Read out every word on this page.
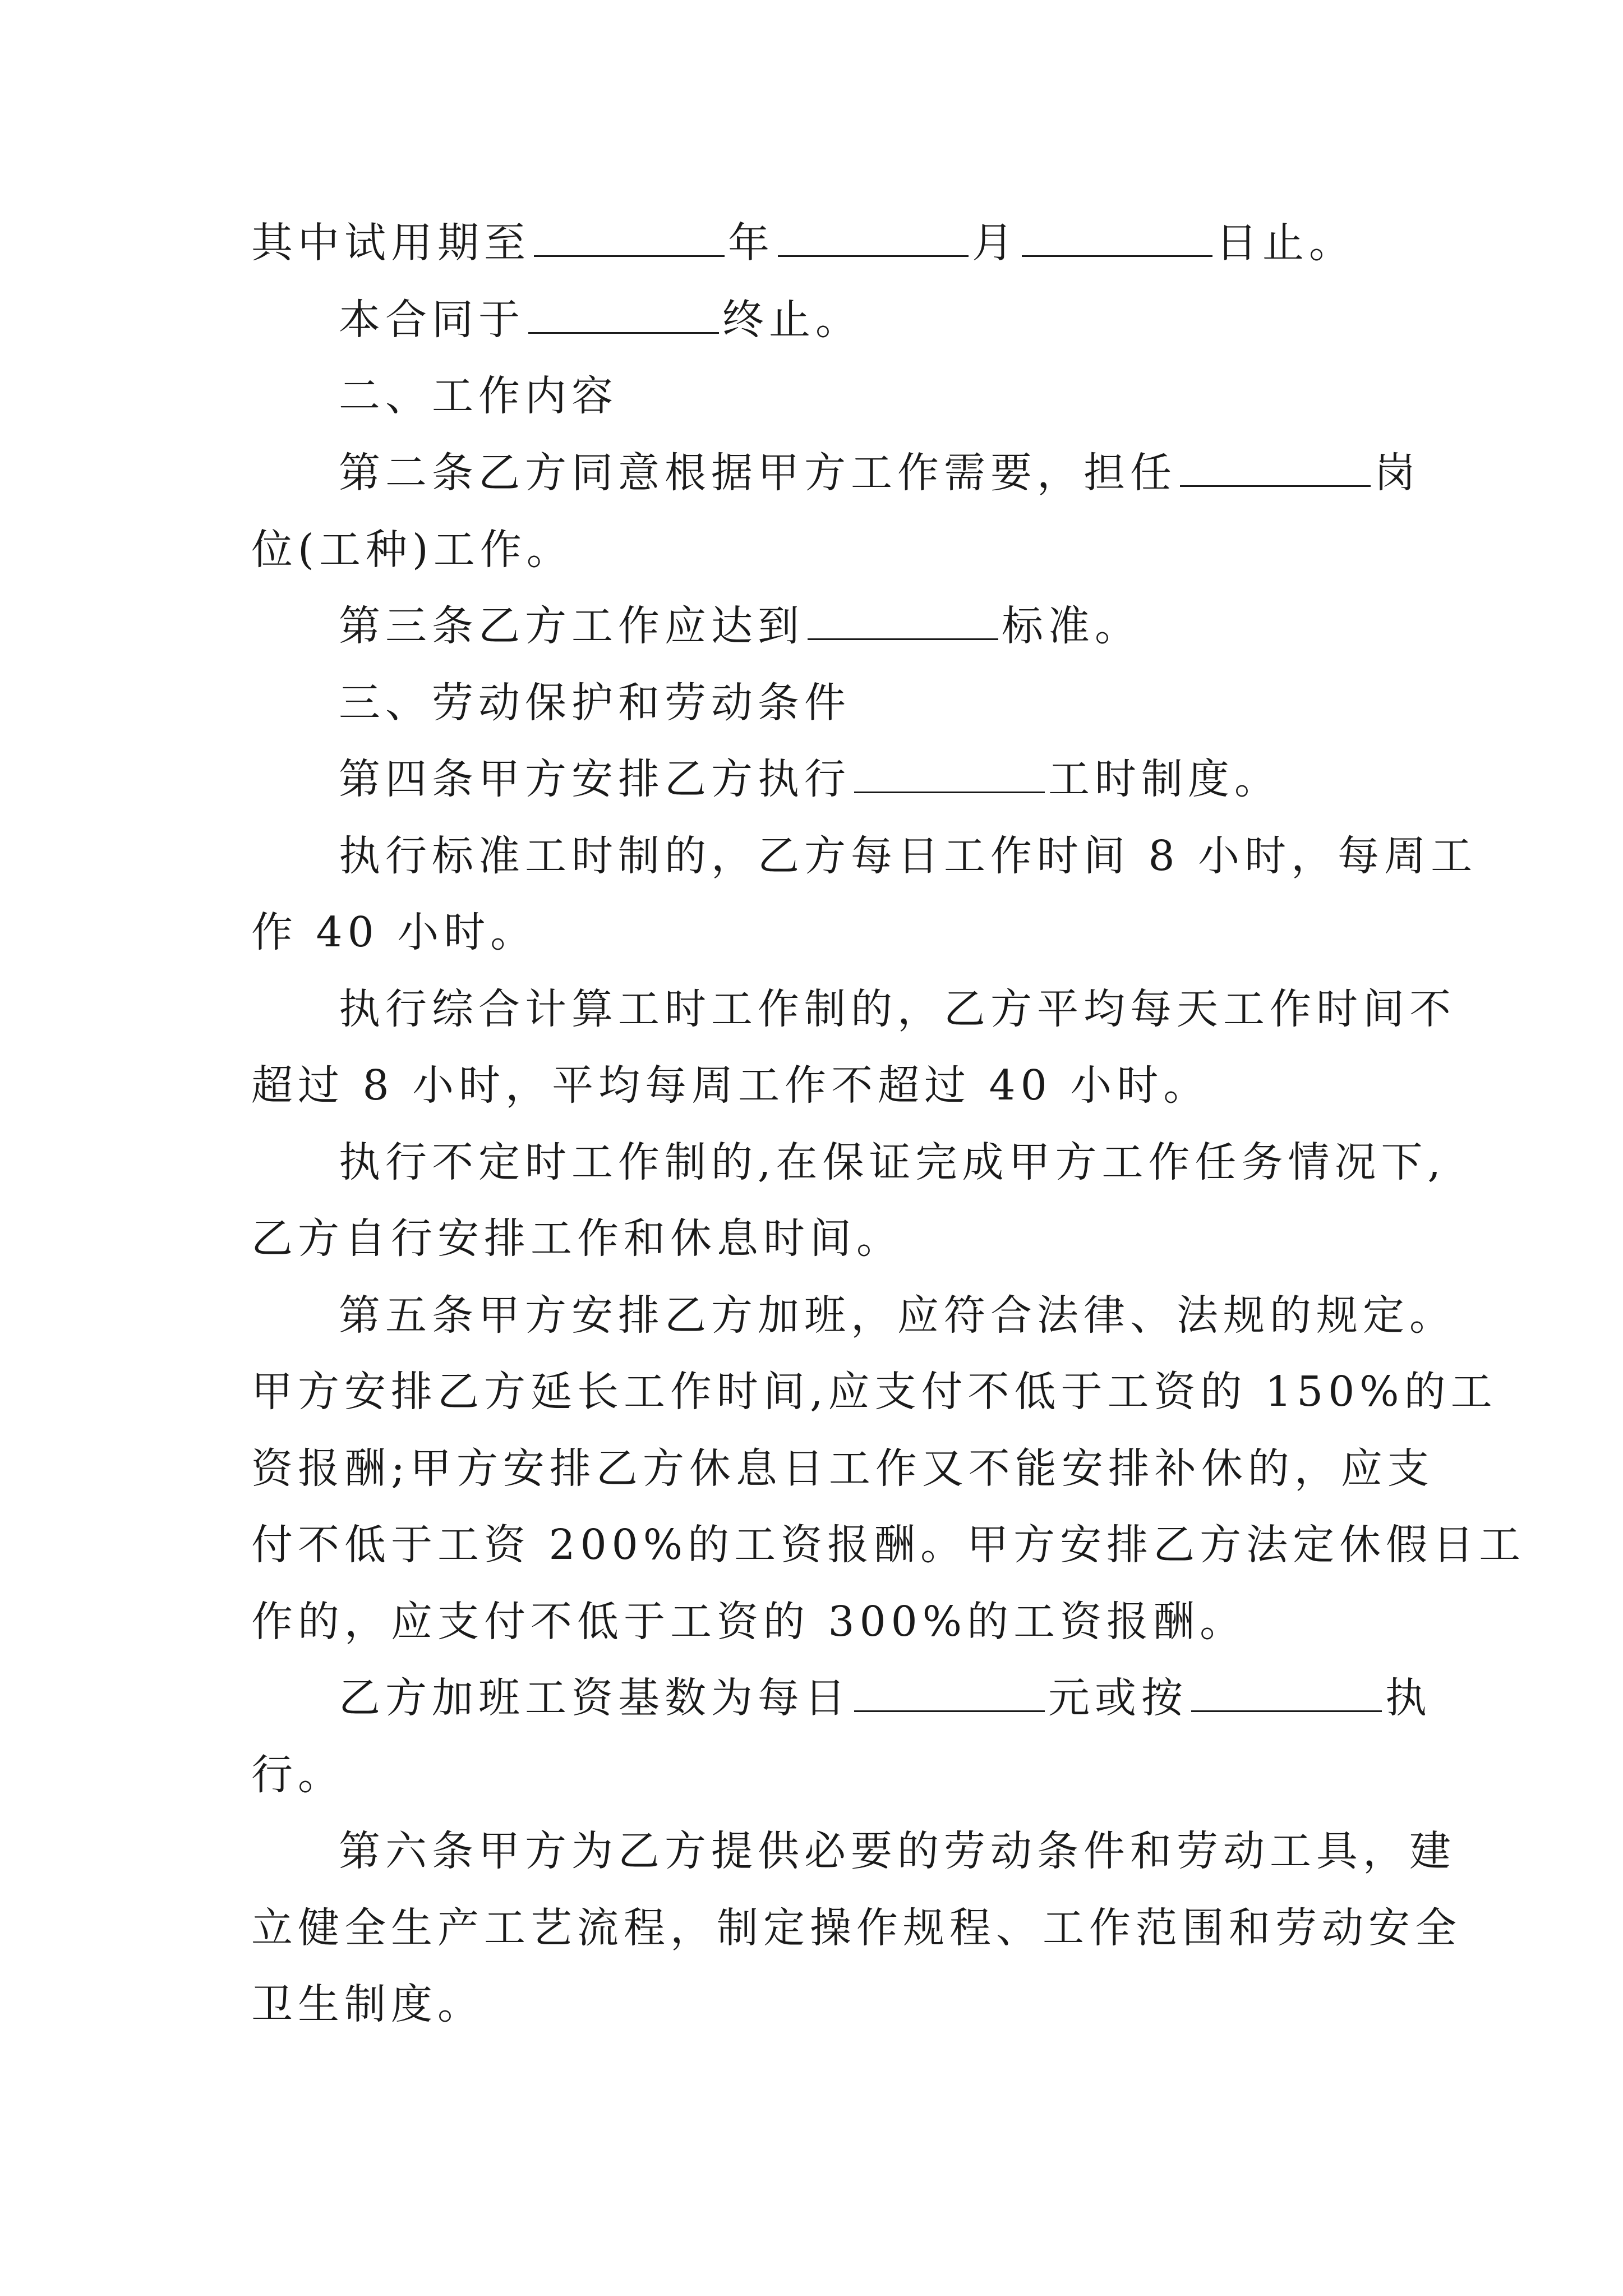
其中试用期至	年	月	日止。
本合同于	终止。
二、工作内容
第二条乙方同意根据甲方工作需要，担任	岗
位(工种)工作。
第三条乙方工作应达到	标准。
三、劳动保护和劳动条件
第四条甲方安排乙方执行	工时制度。
执行标准工时制的，乙方每日工作时间 8 小时，每周工
作 40 小时。
执行综合计算工时工作制的，乙方平均每天工作时间不
超过 8 小时，平均每周工作不超过 40 小时。
执行不定时工作制的,在保证完成甲方工作任务情况下,
乙方自行安排工作和休息时间。
第五条甲方安排乙方加班，应符合法律、法规的规定。
甲方安排乙方延长工作时间,应支付不低于工资的 150%的工
资报酬;甲方安排乙方休息日工作又不能安排补休的，应支
付不低于工资 200%的工资报酬。甲方安排乙方法定休假日工
作的，应支付不低于工资的 300%的工资报酬。
乙方加班工资基数为每日	元或按	执
行。
第六条甲方为乙方提供必要的劳动条件和劳动工具，建
立健全生产工艺流程，制定操作规程、工作范围和劳动安全
卫生制度。
